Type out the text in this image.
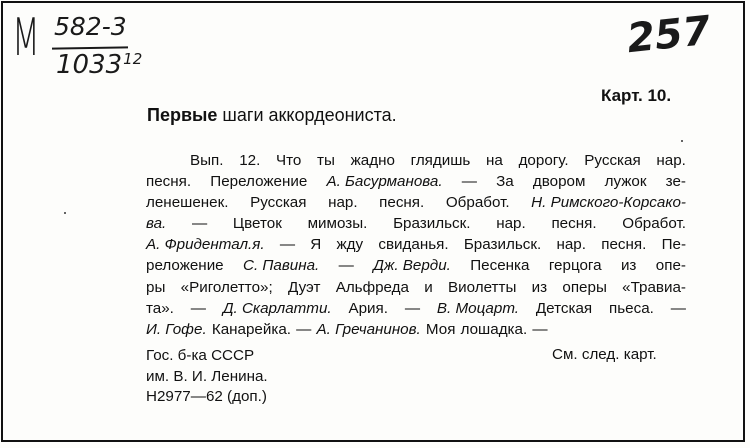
М 582-3
1033$^{12}$	257
Карт. 10.
Первые шаги аккордеониста.
Вып. 12. Что ты жадно глядишь на дорогу. Русская нар.
песня. Переложение А. Басурманова. — За двором лужок зе-
ленешенек. Русская нар. песня. Обработ. Н. Римского-Корсако-
ва. — Цветок мимозы. Бразильск. нар. песня. Обработ.
А. Фридентал.я. — Я жду свиданья. Бразильск. нар. песня. Пе-
реложение С. Павина. — Дж. Верди. Песенка герцога из опе-
ры «Риголетто»; Дуэт Альфреда и Виолетты из оперы «Травиа-
та». — Д. Скарлатти. Ария. — В. Моцарт. Детская пьеса. —
И. Гофе. Канарейка. — А. Гречанинов. Моя лошадка. —
Гос. б-ка СССР
им. В. И. Ленина.
Н2977—62 (доп.)
См. след. карт.
